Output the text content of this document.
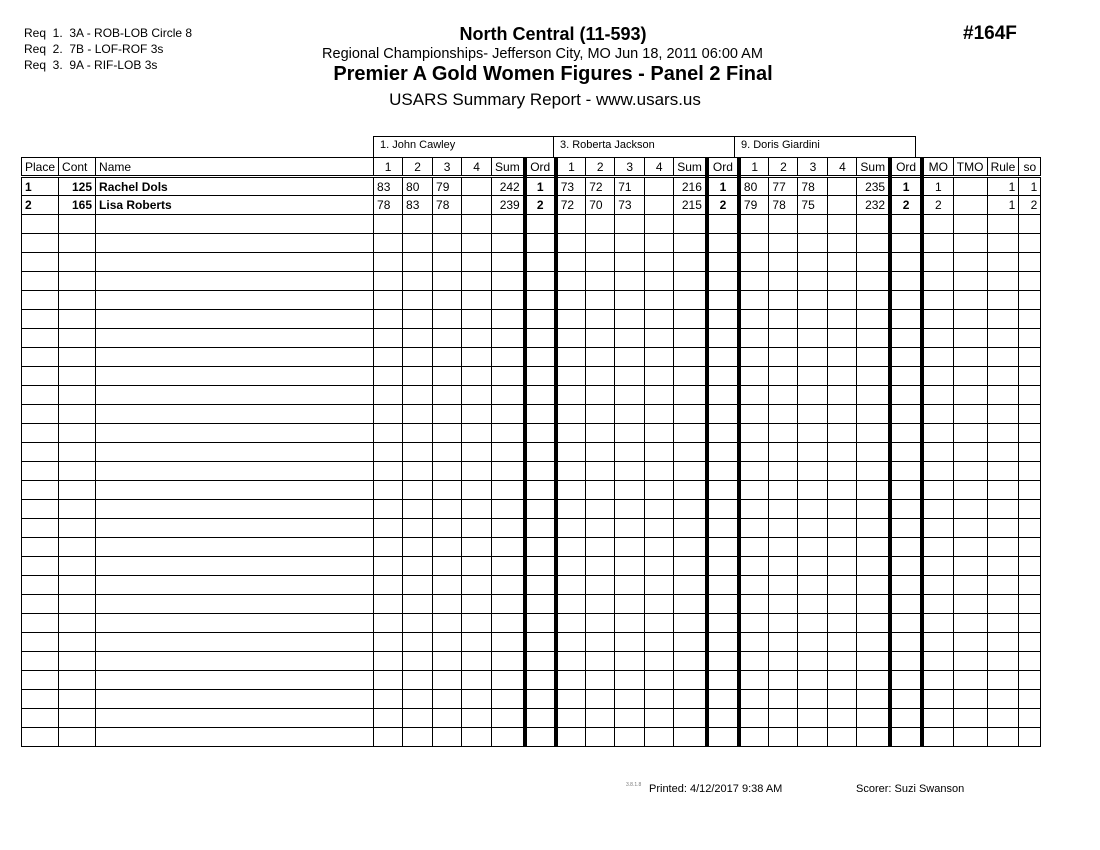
Req  1.  3A - ROB-LOB Circle 8
Req  2.  7B - LOF-ROF 3s
Req  3.  9A - RIF-LOB 3s
North Central (11-593)
Regional Championships- Jefferson City, MO Jun 18, 2011 06:00 AM
Premier A Gold Women Figures - Panel 2 Final
USARS Summary Report - www.usars.us
#164F
1. John Cawley	3. Roberta Jackson	9. Doris Giardini
Place	Cont	Name	1	2	3	4	Sum	Ord	1	2	3	4	Sum	Ord	1	2	3	4	Sum	Ord	MO	TMO	Rule	so
1	125	Rachel Dols	83	80	79		242	1	73	72	71		216	1	80	77	78		235	1	1		1	1
2	165	Lisa Roberts	78	83	78		239	2	72	70	73		215	2	79	78	75		232	2	2		1	2

3.8.1.8 Printed: 4/12/2017 9:38 AM	Scorer: Suzi Swanson
